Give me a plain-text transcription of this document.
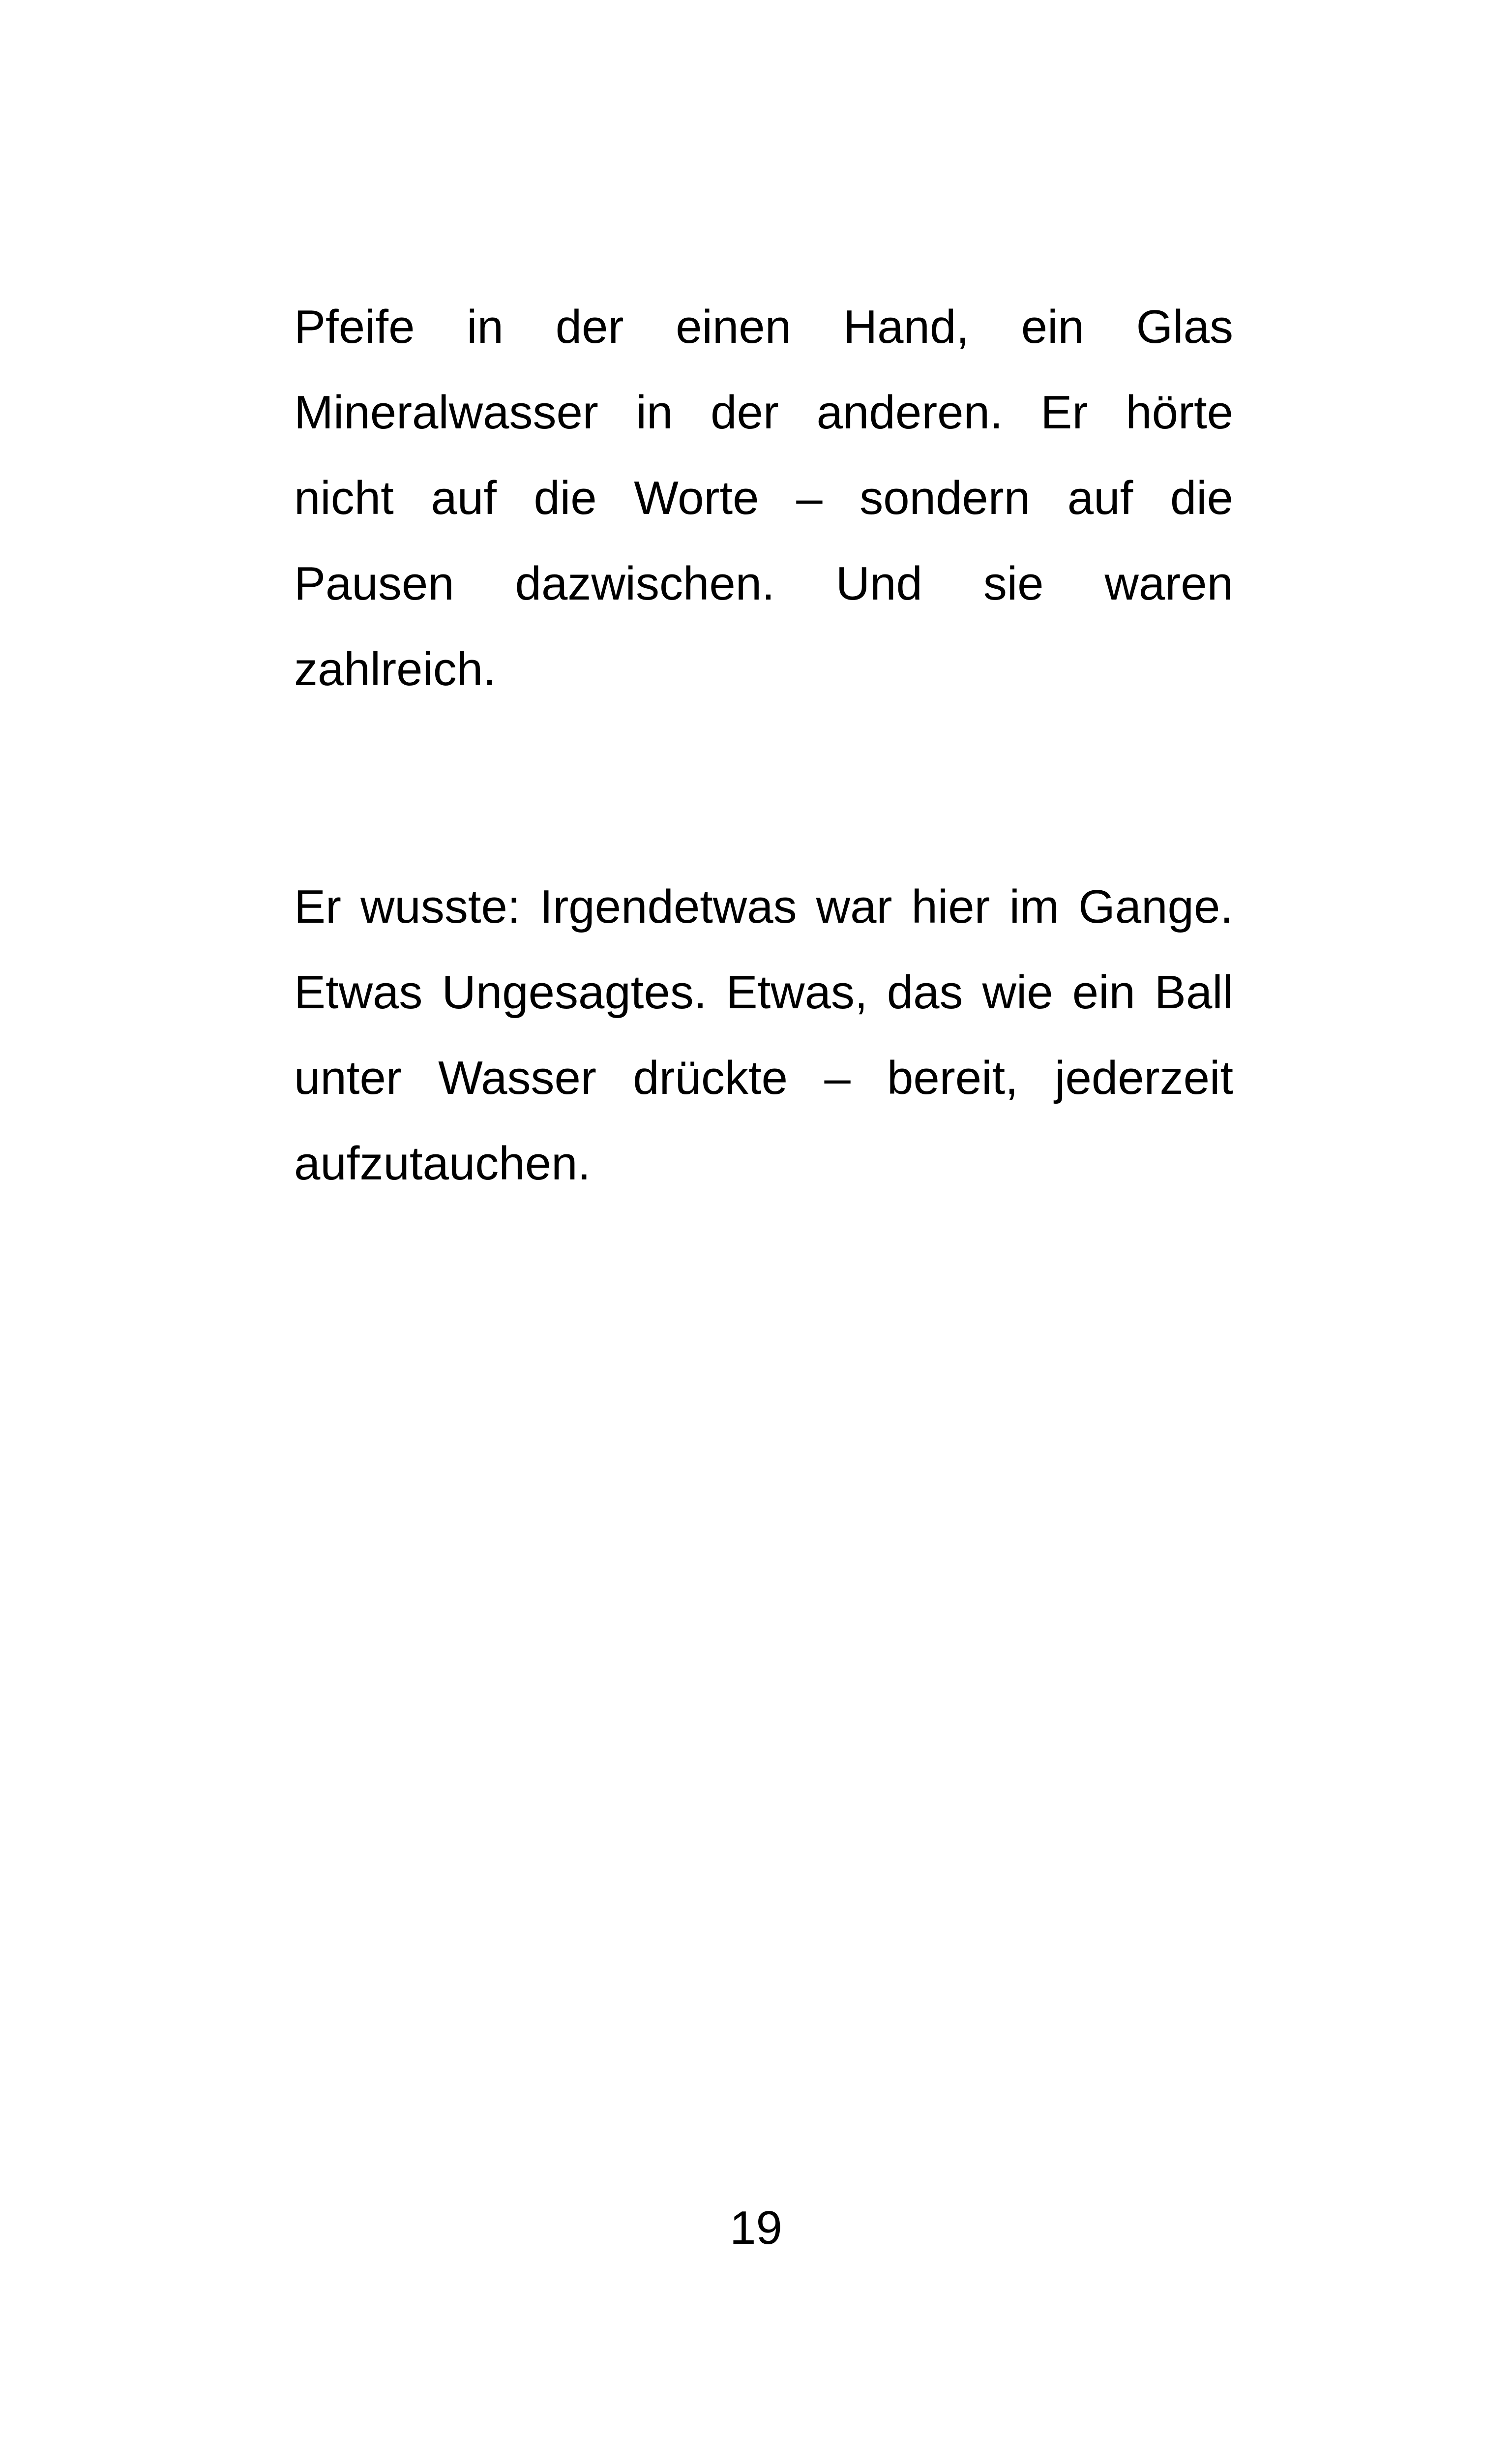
Pfeife in der einen Hand, ein Glas
Mineralwasser in der anderen. Er hörte
nicht auf die Worte – sondern auf die
Pausen dazwischen. Und sie waren
zahlreich.
Er wusste: Irgendetwas war hier im Gange.
Etwas Ungesagtes. Etwas, das wie ein Ball
unter Wasser drückte – bereit, jederzeit
aufzutauchen.
19
